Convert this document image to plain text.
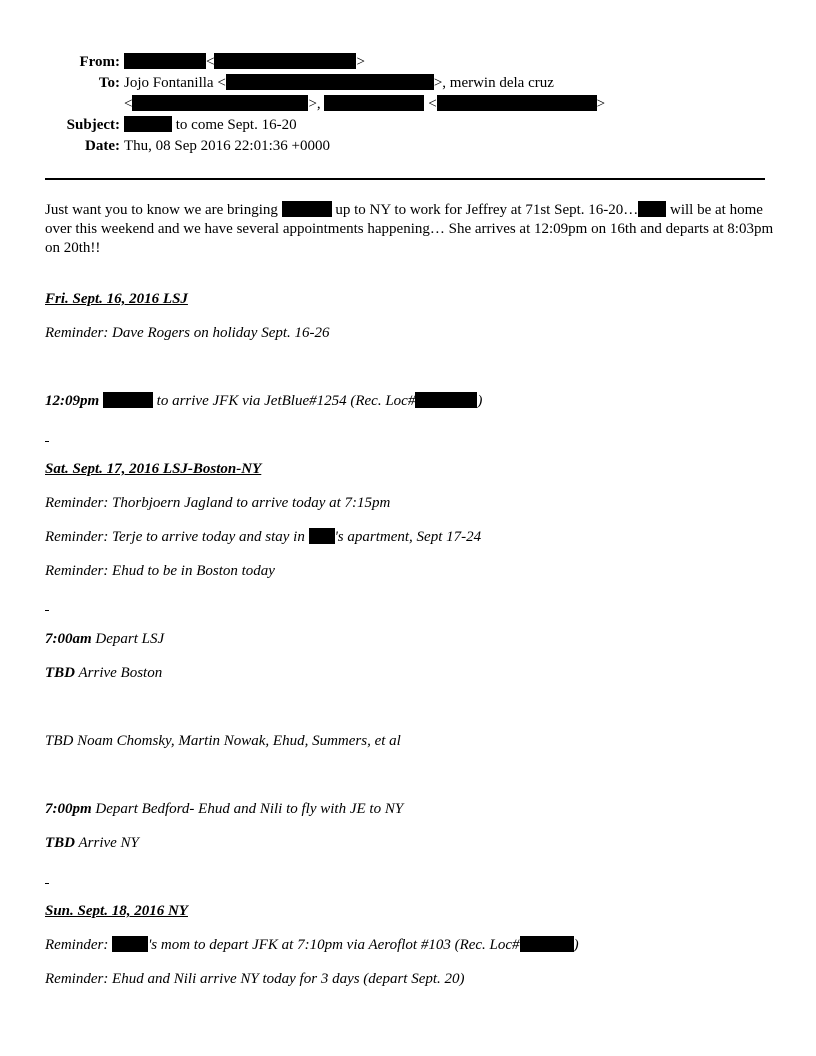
From:	<	>
To: Jojo Fontanilla <	>, merwin dela cruz
<	>,	<	>
Subject:	to come Sept. 16-20
Date: Thu, 08 Sep 2016 22:01:36 +0000
Just want you to know we are bringing	up to NY to work for Jeffrey at 71st Sept. 16-20… will be at home over this weekend and we have several appointments happening… She arrives at 12:09pm on 16th and departs at 8:03pm on 20th!!
Fri. Sept. 16, 2016 LSJ
Reminder: Dave Rogers on holiday Sept. 16-26
12:09pm	to arrive JFK via JetBlue#1254 (Rec. Loc#	)
Sat. Sept. 17, 2016 LSJ-Boston-NY
Reminder: Thorbjoern Jagland to arrive today at 7:15pm
Reminder: Terje to arrive today and stay in 's apartment, Sept 17-24
Reminder: Ehud to be in Boston today
7:00am Depart LSJ
TBD Arrive Boston
TBD Noam Chomsky, Martin Nowak, Ehud, Summers, et al
7:00pm Depart Bedford- Ehud and Nili to fly with JE to NY
TBD Arrive NY
Sun. Sept. 18, 2016 NY
Reminder:	's mom to depart JFK at 7:10pm via Aeroflot #103 (Rec. Loc#	)
Reminder: Ehud and Nili arrive NY today for 3 days (depart Sept. 20)
